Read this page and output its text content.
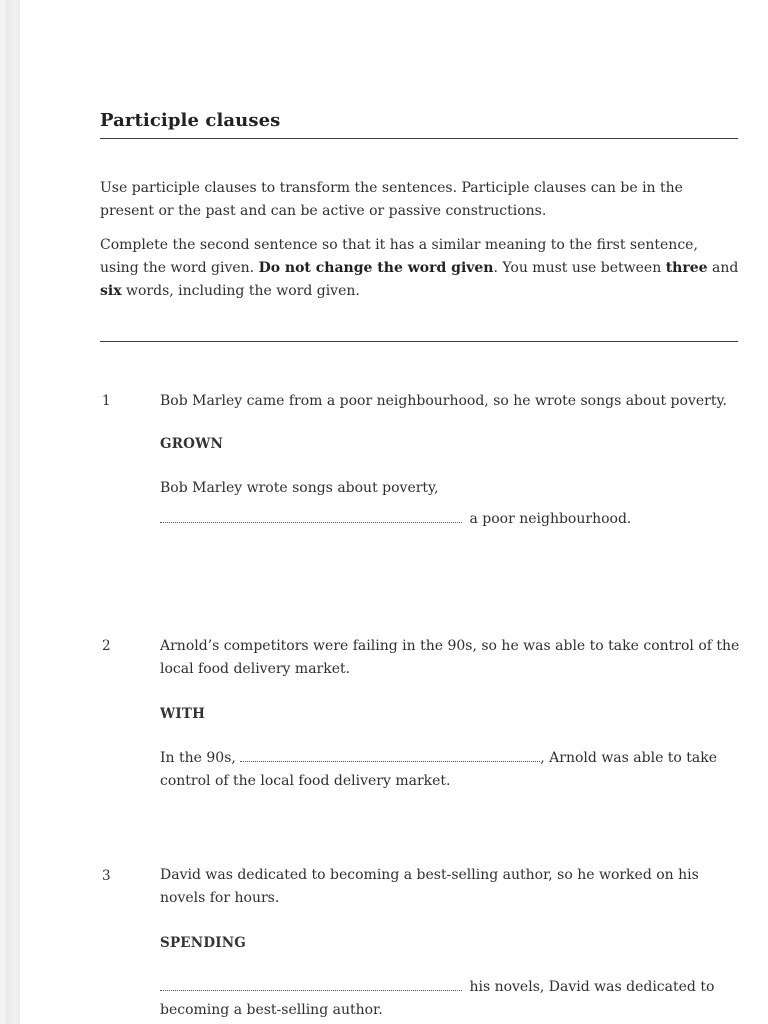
Participle clauses

Use participle clauses to transform the sentences. Participle clauses can be in the present or the past and can be active or passive constructions.

Complete the second sentence so that it has a similar meaning to the first sentence, using the word given. Do not change the word given. You must use between three and six words, including the word given.

1	Bob Marley came from a poor neighbourhood, so he wrote songs about poverty.

GROWN

Bob Marley wrote songs about poverty,

a poor neighbourhood.

2	Arnold’s competitors were failing in the 90s, so he was able to take control of the local food delivery market.

WITH

In the 90s,	, Arnold was able to take control of the local food delivery market.

3	David was dedicated to becoming a best-selling author, so he worked on his novels for hours.

SPENDING

his novels, David was dedicated to becoming a best-selling author.
